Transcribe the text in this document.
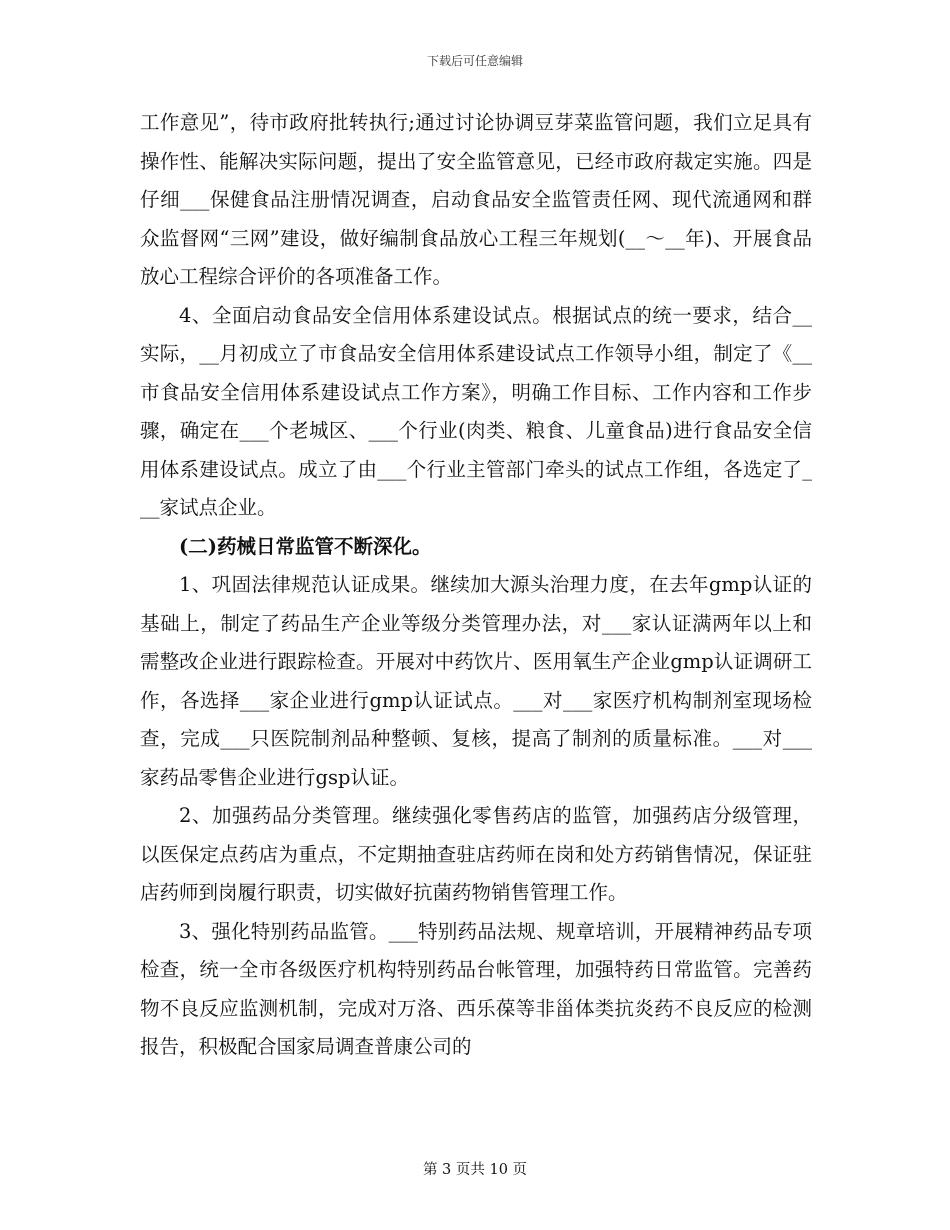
下载后可任意编辑

工作意见”，待市政府批转执行;通过讨论协调豆芽菜监管问题，我们立足具有操作性、能解决实际问题，提出了安全监管意见，已经市政府裁定实施。四是仔细___保健食品注册情况调查，启动食品安全监管责任网、现代流通网和群众监督网“三网”建设，做好编制食品放心工程三年规划(__～__年)、开展食品放心工程综合评价的各项准备工作。

4、全面启动食品安全信用体系建设试点。根据试点的统一要求，结合__实际，__月初成立了市食品安全信用体系建设试点工作领导小组，制定了《__市食品安全信用体系建设试点工作方案》，明确工作目标、工作内容和工作步骤，确定在___个老城区、___个行业(肉类、粮食、儿童食品)进行食品安全信用体系建设试点。成立了由___个行业主管部门牵头的试点工作组，各选定了___家试点企业。

(二)药械日常监管不断深化。

1、巩固法律规范认证成果。继续加大源头治理力度，在去年gmp认证的基础上，制定了药品生产企业等级分类管理办法，对___家认证满两年以上和需整改企业进行跟踪检查。开展对中药饮片、医用氧生产企业gmp认证调研工作，各选择___家企业进行gmp认证试点。___对___家医疗机构制剂室现场检查，完成___只医院制剂品种整顿、复核，提高了制剂的质量标准。___对___家药品零售企业进行gsp认证。

2、加强药品分类管理。继续强化零售药店的监管，加强药店分级管理，以医保定点药店为重点，不定期抽查驻店药师在岗和处方药销售情况，保证驻店药师到岗履行职责，切实做好抗菌药物销售管理工作。

3、强化特别药品监管。___特别药品法规、规章培训，开展精神药品专项检查，统一全市各级医疗机构特别药品台帐管理，加强特药日常监管。完善药物不良反应监测机制，完成对万洛、西乐葆等非甾体类抗炎药不良反应的检测报告，积极配合国家局调查普康公司的

第 3 页共 10 页
